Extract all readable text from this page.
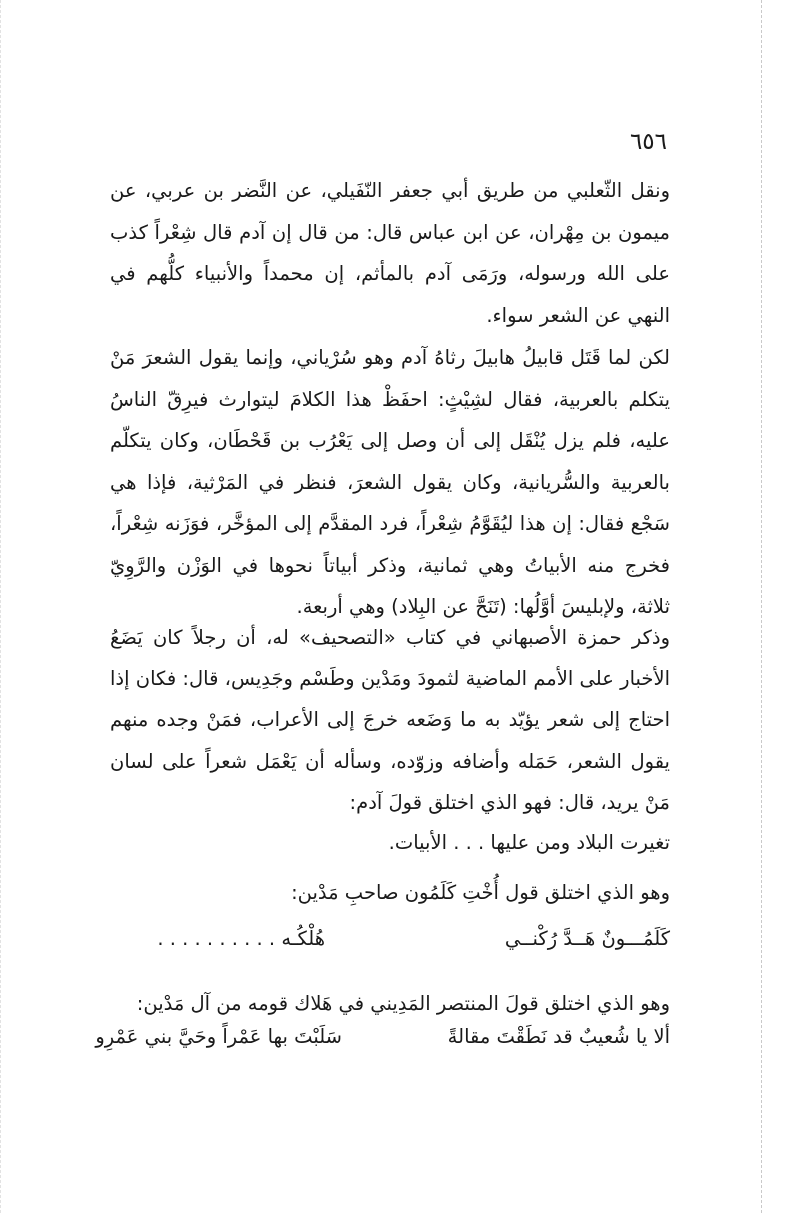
٦٥٦

ونقل الثّعلبي من طريق أبي جعفر النّفَيلي، عن النَّضر بن عربي، عن ميمون بن مِهْران، عن ابن عباس قال: من قال إن آدم قال شِعْراً كذب على الله ورسوله، ورَمَى آدم بالمأثم، إن محمداً والأنبياء كلُّهم في النهي عن الشعر سواء.

لكن لما قَتَل قابيلُ هابيلَ رثاهُ آدم وهو سُرْياني، وإنما يقول الشعرَ مَنْ يتكلم بالعربية، فقال لشِيْثٍ: احفَظْ هذا الكلامَ ليتوارث فيرِقّ الناسُ عليه، فلم يزل يُنْقَل إلى أن وصل إلى يَعْرُب بن قَحْطَان، وكان يتكلّم بالعربية والسُّريانية، وكان يقول الشعرَ، فنظر في المَرْثية، فإذا هي سَجْع فقال: إن هذا ليُقَوَّمُ شِعْراً، فرد المقدَّم إلى المؤخَّر، فوَزَنه شِعْراً، فخرج منه الأبياتُ وهي ثمانية، وذكر أبياتاً نحوها في الوَزْن والرَّوِيّ ثلاثة، ولإبليسَ أوَّلُها: (تَنَحَّ عن البِلاد) وهي أربعة.

وذكر حمزة الأصبهاني في كتاب «التصحيف» له، أن رجلاً كان يَضَعُ الأخبار على الأمم الماضية لثمودَ ومَدْين وطَسْم وجَدِيس، قال: فكان إذا احتاج إلى شعر يؤيّد به ما وَضَعه خرجَ إلى الأعراب، فمَنْ وجده منهم يقول الشعر، حَمَله وأضافه وزوّده، وسأله أن يَعْمَل شعراً على لسان مَنْ يريد، قال: فهو الذي اختلق قولَ آدم:

تغيرت البلاد ومن عليها . . . الأبيات.

وهو الذي اختلق قول أُخْتِ كَلَمُون صاحبِ مَدْين:

كَلَمُـــونٌ هَــدَّ رُكْنــي
هُلْكُـه . . . . . . . . . .

وهو الذي اختلق قولَ المنتصر المَدِيني في هَلاك قومه من آل مَدْين:

ألا يا شُعيبٌ قد نَطَقْتَ مقالةً
سَلَبْتَ بها عَمْراً وحَيَّ بني عَمْرِو
